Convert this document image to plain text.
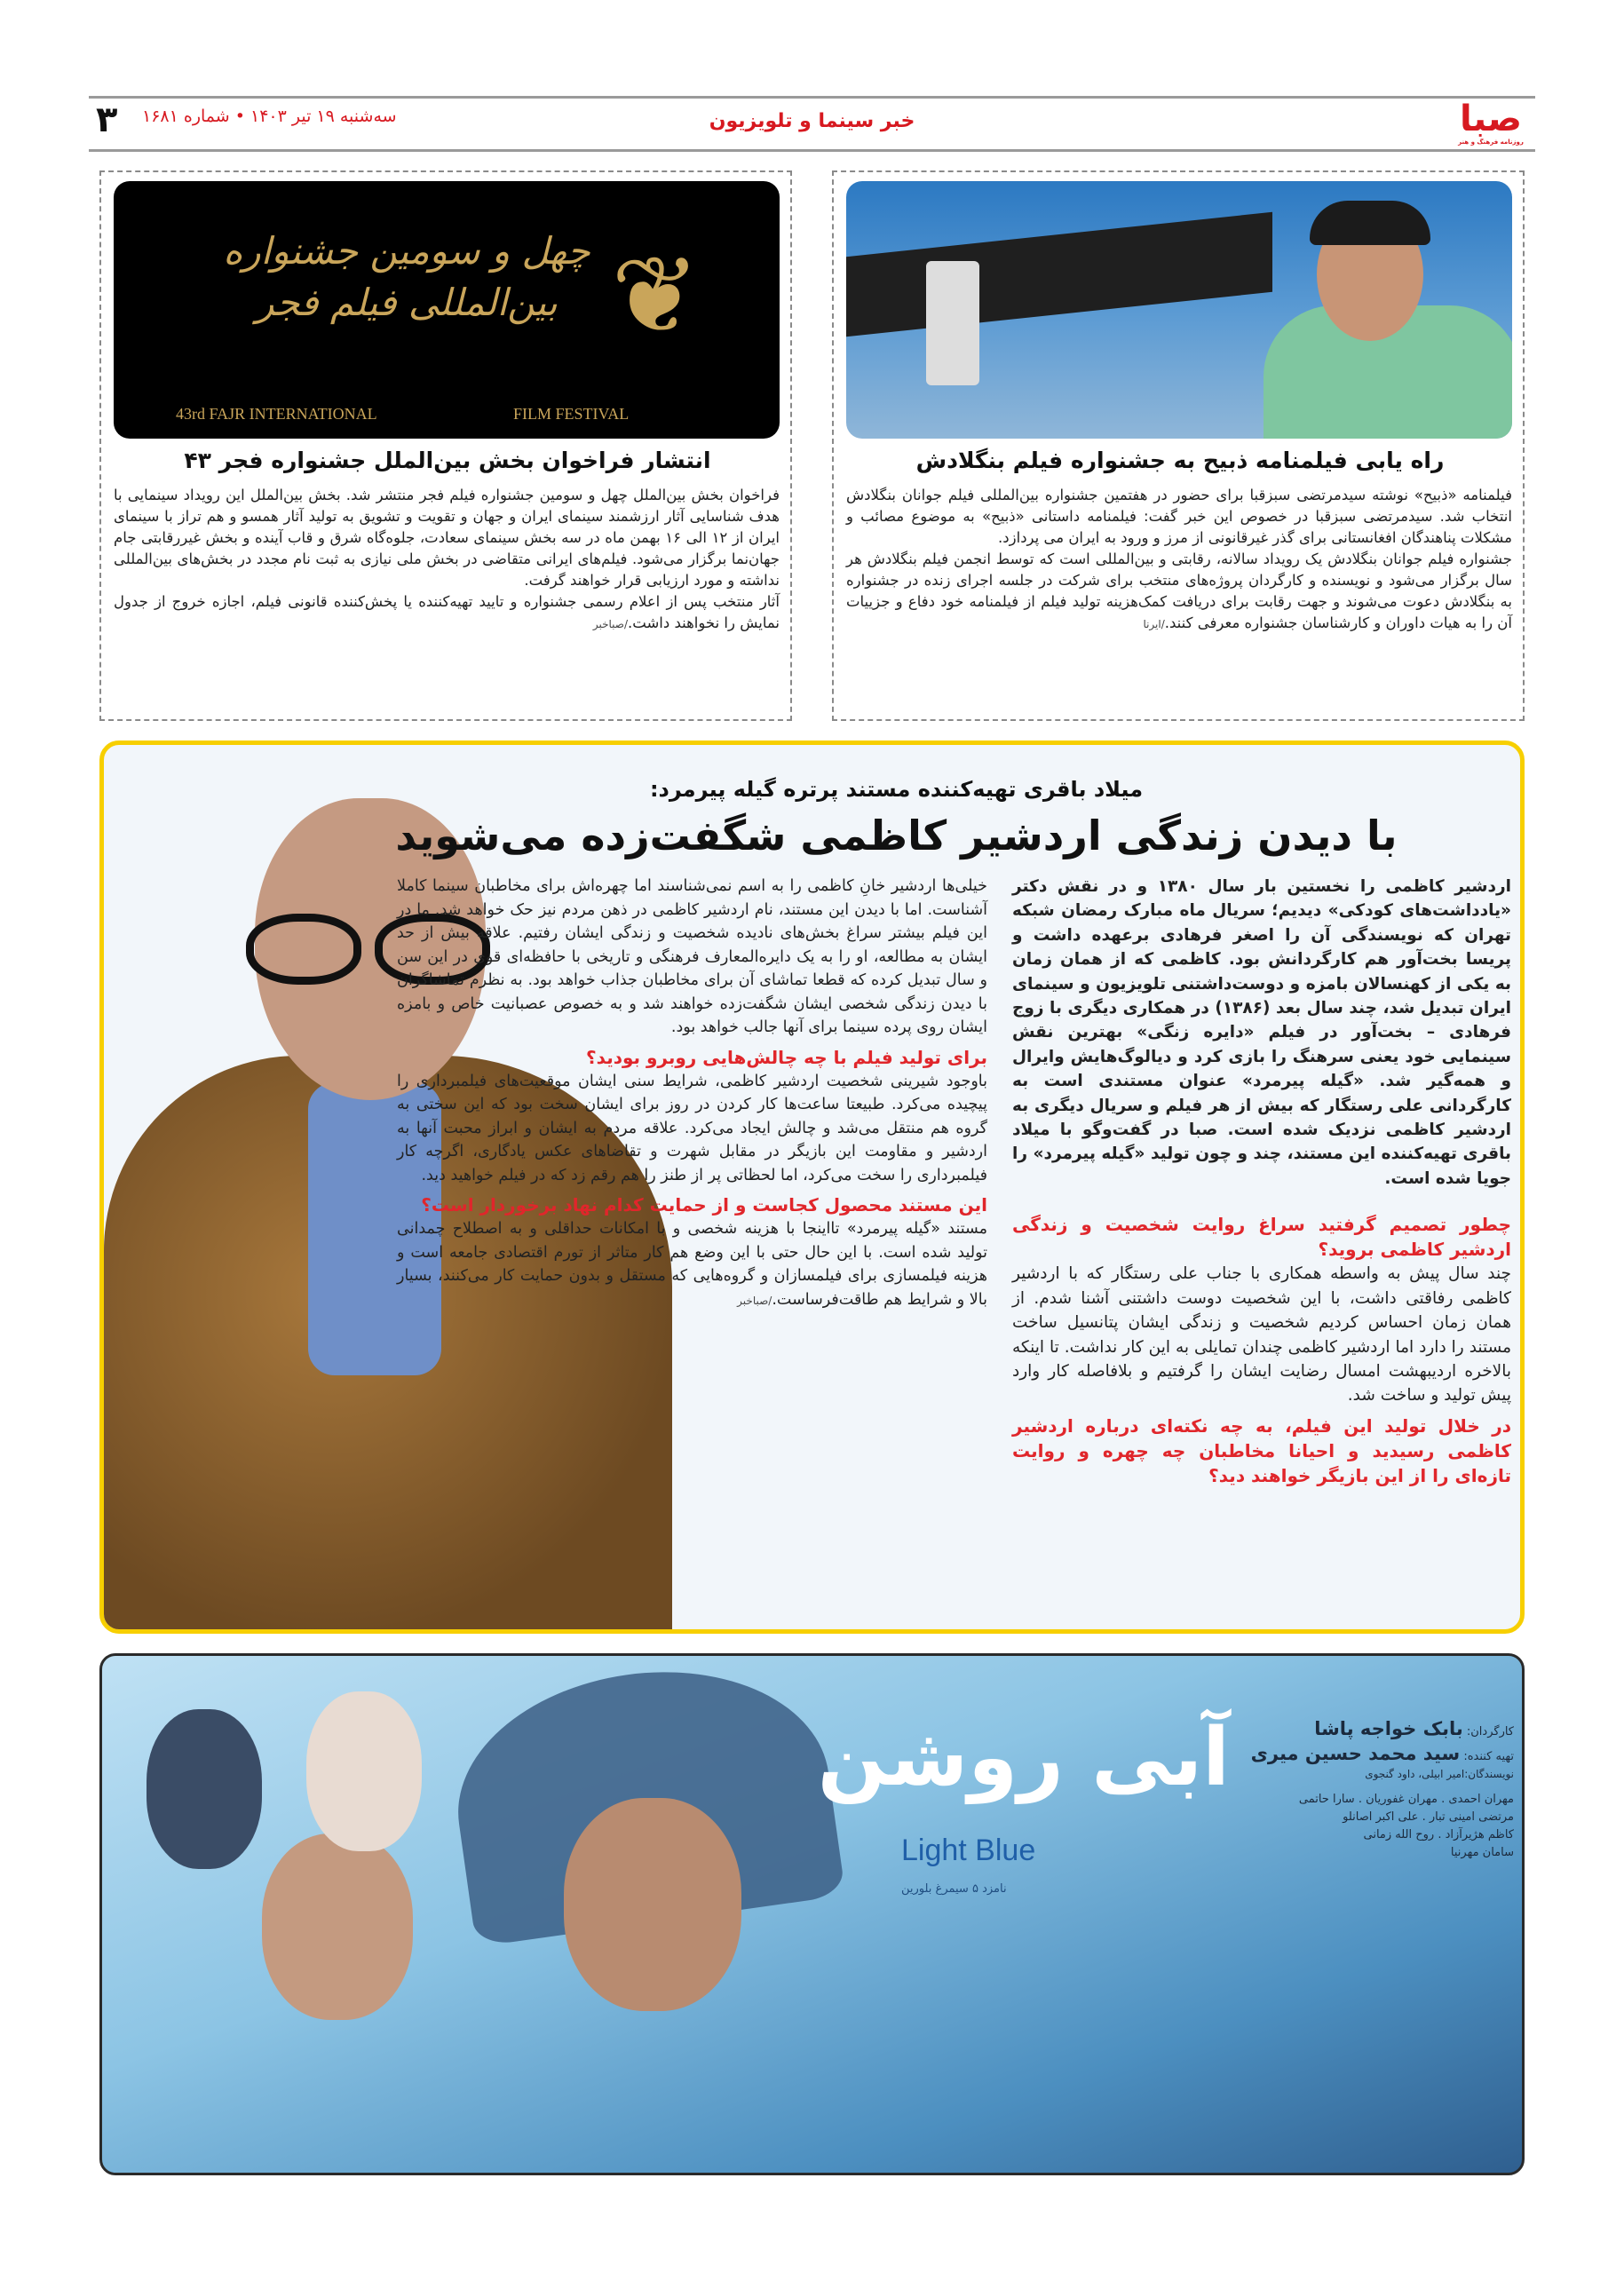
صبا
روزنامه فرهنگ و هنر
خبر سینما و تلویزیون
۳ سه‌شنبه ۱۹ تیر ۱۴۰۳ • شماره ۱۶۸۱
راه یابی فیلمنامه ذبیح به جشنواره فیلم بنگلادش

فیلمنامه «ذبیح» نوشته سیدمرتضی سبزقبا برای حضور در هفتمین جشنواره بین‌المللی فیلم جوانان بنگلادش انتخاب شد. سیدمرتضی سبزقبا در خصوص این خبر گفت: فیلمنامه داستانی «ذبیح» به موضوع مصائب و مشکلات پناهندگان افغانستانی برای گذر غیرقانونی از مرز و ورود به ایران می پردازد.

جشنواره فیلم جوانان بنگلادش یک رویداد سالانه، رقابتی و بین‌المللی است که توسط انجمن فیلم بنگلادش هر سال برگزار می‌شود و نویسنده و کارگردان پروژه‌های منتخب برای شرکت در جلسه اجرای زنده در جشنواره به بنگلادش دعوت می‌شوند و جهت رقابت برای دریافت کمک‌هزینه تولید فیلم از فیلمنامه خود دفاع و جزییات آن را به هیات داوران و کارشناسان جشنواره معرفی کنند./ایرنا

❦
چهل و سومین جشنواره بین‌المللی فیلم فجر
43rd FAJR INTERNATIONAL	FILM FESTIVAL
انتشار فراخوان بخش بین‌الملل جشنواره فجر ۴۳

فراخوان بخش بین‌الملل چهل و سومین جشنواره فیلم فجر منتشر شد. بخش بین‌الملل این رویداد سینمایی با هدف شناسایی آثار ارزشمند سینمای ایران و جهان و تقویت و تشویق به تولید آثار همسو و هم تراز با سینمای ایران از ۱۲ الی ۱۶ بهمن ماه در سه بخش سینمای سعادت، جلوه‌گاه شرق و قاب آینده و بخش غیررقابتی جام جهان‌نما برگزار می‌شود. فیلم‌های ایرانی متقاضی در بخش ملی نیازی به ثبت نام مجدد در بخش‌های بین‌المللی نداشته و مورد ارزیابی قرار خواهند گرفت.

آثار منتخب پس از اعلام رسمی جشنواره و تایید تهیه‌کننده یا پخش‌کننده قانونی فیلم، اجازه خروج از جدول نمایش را نخواهند داشت./صباخبر

میلاد باقری تهیه‌کننده مستند پرتره گیله پیرمرد:
با دیدن زندگی اردشیر کاظمی شگفت‌زده می‌شوید

اردشیر کاظمی را نخستین بار سال ۱۳۸۰ و در نقش دکتر «یادداشت‌های کودکی» دیدیم؛ سریال ماه مبارک رمضان شبکه تهران که نویسندگی آن را اصغر فرهادی برعهده داشت و پریسا بخت‌آور هم کارگردانش بود. کاظمی که از همان زمان به یکی از کهنسالان بامزه و دوست‌داشتنی تلویزیون و سینمای ایران تبدیل شد، چند سال بعد (۱۳۸۶) در همکاری دیگری با زوج فرهادی – بخت‌آور در فیلم «دایره زنگی» بهترین نقش سینمایی خود یعنی سرهنگ را بازی کرد و دیالوگ‌هایش وایرال و همه‌گیر شد. «گیله پیرمرد» عنوان مستندی است به کارگردانی علی رستگار که بیش از هر فیلم و سریال دیگری به اردشیر کاظمی نزدیک شده است. صبا در گفت‌وگو با میلاد باقری تهیه‌کننده این مستند، چند و چون تولید «گیله پیرمرد» را جویا شده است.

چطور تصمیم گرفتید سراغ روایت شخصیت و زندگی اردشیر کاظمی بروید؟

چند سال پیش به واسطه همکاری با جناب علی رستگار که با اردشیر کاظمی رفاقتی داشت، با این شخصیت دوست داشتنی آشنا شدم. از همان زمان احساس کردیم شخصیت و زندگی ایشان پتانسیل ساخت مستند را دارد اما اردشیر کاظمی چندان تمایلی به این کار نداشت. تا اینکه بالاخره اردیبهشت امسال رضایت ایشان را گرفتیم و بلافاصله کار وارد پیش تولید و ساخت شد.

در خلال تولید این فیلم، به چه نکته‌ای درباره اردشیر کاظمی رسیدید و احیانا مخاطبان چه چهره و روایت تازه‌ای را از این بازیگر خواهند دید؟

خیلی‌ها اردشیر خانِ کاظمی را به اسم نمی‌شناسند اما چهره‌اش برای مخاطبان سینما کاملا آشناست. اما با دیدن این مستند، نام اردشیر کاظمی در ذهن مردم نیز حک خواهد شد. ما در این فیلم بیشتر سراغ بخش‌های نادیده شخصیت و زندگی ایشان رفتیم. علاقه بیش از حد ایشان به مطالعه، او را به یک دایره‌المعارف فرهنگی و تاریخی با حافظه‌ای قوی در این سن و سال تبدیل کرده که قطعا تماشای آن برای مخاطبان جذاب خواهد بود. به نظرم تماشاگران با دیدن زندگی شخصی ایشان شگفت‌زده خواهند شد و به خصوص عصبانیت خاص و بامزه ایشان روی پرده سینما برای آنها جالب خواهد بود.

برای تولید فیلم با چه چالش‌هایی روبرو بودید؟

باوجود شیرینی شخصیت اردشیر کاظمی، شرایط سنی ایشان موقعیت‌های فیلمبرداری را پیچیده می‌کرد. طبیعتا ساعت‌ها کار کردن در روز برای ایشان سخت بود که این سختی به گروه هم منتقل می‌شد و چالش ایجاد می‌کرد. علاقه مردم به ایشان و ابراز محبت آنها به اردشیر و مقاومت این بازیگر در مقابل شهرت و تقاضاهای عکس یادگاری، اگرچه کار فیلمبرداری را سخت می‌کرد، اما لحظاتی پر از طنز را هم رقم زد که در فیلم خواهید دید.

این مستند محصول کجاست و از حمایت کدام نهاد برخوردار است؟

مستند «گیله پیرمرد» تااینجا با هزینه شخصی و با امکانات حداقلی و به اصطلاح چمدانی تولید شده است. با این حال حتی با این وضع هم کار متاثر از تورم اقتصادی جامعه است و هزینه فیلمسازی برای فیلمسازان و گروه‌هایی که مستقل و بدون حمایت کار می‌کنند، بسیار بالا و شرایط هم طاقت‌فرساست./صباخبر

آبی روشن
Light Blue
نامزد ۵ سیمرغ بلورین
کارگردان: بابک خواجه پاشا
تهیه کننده: سید محمد حسین میری
نویسندگان:امیر ابیلی، داود گنجوی
مهران احمدی . مهران غفوریان . سارا حاتمی
مرتضی امینی تبار . علی اکبر اصانلو
کاظم هژیرآزاد . روح الله زمانی
سامان مهرنیا
